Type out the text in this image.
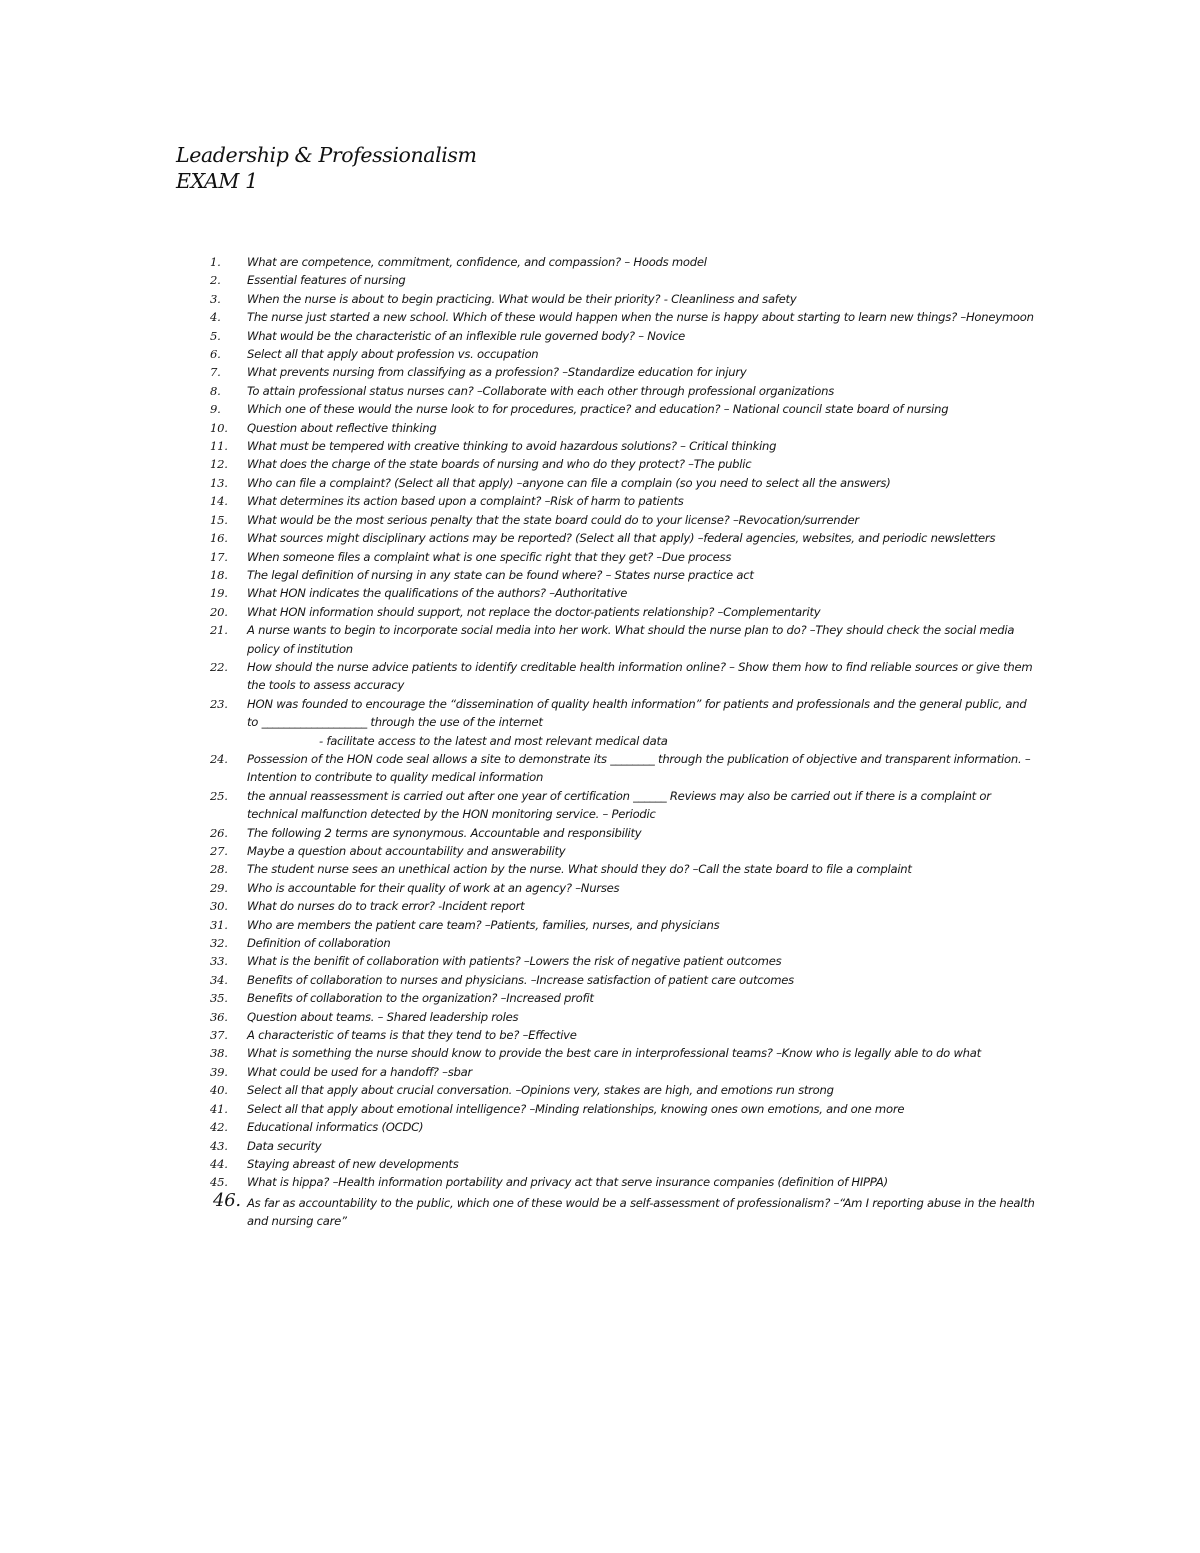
Leadership & Professionalism
EXAM 1
1.	What are competence, commitment, confidence, and compassion? – Hoods model
2.	Essential features of nursing
3.	When the nurse is about to begin practicing. What would be their priority? - Cleanliness and safety
4.	The nurse just started a new school. Which of these would happen when the nurse is happy about starting to learn new things? –Honeymoon
5.	What would be the characteristic of an inflexible rule governed body? – Novice
6.	Select all that apply about profession vs. occupation
7.	What prevents nursing from classifying as a profession? –Standardize education for injury
8.	To attain professional status nurses can? –Collaborate with each other through professional organizations
9.	Which one of these would the nurse look to for procedures, practice? and education? – National council state board of nursing
10.	Question about reflective thinking
11.	What must be tempered with creative thinking to avoid hazardous solutions? – Critical thinking
12.	What does the charge of the state boards of nursing and who do they protect? –The public
13.	Who can file a complaint? (Select all that apply) –anyone can file a complain (so you need to select all the answers)
14.	What determines its action based upon a complaint? –Risk of harm to patients
15.	What would be the most serious penalty that the state board could do to your license? –Revocation/surrender
16.	What sources might disciplinary actions may be reported? (Select all that apply) –federal agencies, websites, and periodic newsletters
17.	When someone files a complaint what is one specific right that they get? –Due process
18.	The legal definition of nursing in any state can be found where? – States nurse practice act
19.	What HON indicates the qualifications of the authors? –Authoritative
20.	What HON information should support, not replace the doctor-patients relationship? –Complementarity
21.	A nurse wants to begin to incorporate social media into her work. What should the nurse plan to do? –They should check the social media policy of institution
22.	How should the nurse advice patients to identify creditable health information online? – Show them how to find reliable sources or give them the tools to assess accuracy
23.	HON was founded to encourage the “dissemination of quality health information” for patients and professionals and the general public, and to ___________________ through the use of the internet
- facilitate access to the latest and most relevant medical data
24.	Possession of the HON code seal allows a site to demonstrate its ________ through the publication of objective and transparent information. – Intention to contribute to quality medical information
25.	the annual reassessment is carried out after one year of certification ______ Reviews may also be carried out if there is a complaint or technical malfunction detected by the HON monitoring service. – Periodic
26.	The following 2 terms are synonymous. Accountable and responsibility
27.	Maybe a question about accountability and answerability
28.	The student nurse sees an unethical action by the nurse. What should they do? –Call the state board to file a complaint
29.	Who is accountable for their quality of work at an agency? –Nurses
30.	What do nurses do to track error? -Incident report
31.	Who are members the patient care team? –Patients, families, nurses, and physicians
32.	Definition of collaboration
33.	What is the benifit of collaboration with patients? –Lowers the risk of negative patient outcomes
34.	Benefits of collaboration to nurses and physicians. –Increase satisfaction of patient care outcomes
35.	Benefits of collaboration to the organization? –Increased profit
36.	Question about teams. – Shared leadership roles
37.	A characteristic of teams is that they tend to be? –Effective
38.	What is something the nurse should know to provide the best care in interprofessional teams? –Know who is legally able to do what
39.	What could be used for a handoff? –sbar
40.	Select all that apply about crucial conversation. –Opinions very, stakes are high, and emotions run strong
41.	Select all that apply about emotional intelligence? –Minding relationships, knowing ones own emotions, and one more
42.	Educational informatics (OCDC)
43.	Data security
44.	Staying abreast of new developments
45.	What is hippa? –Health information portability and privacy act that serve insurance companies (definition of HIPPA)
46. As far as accountability to the public, which one of these would be a self-assessment of professionalism? –“Am I reporting abuse in the health and nursing care”
